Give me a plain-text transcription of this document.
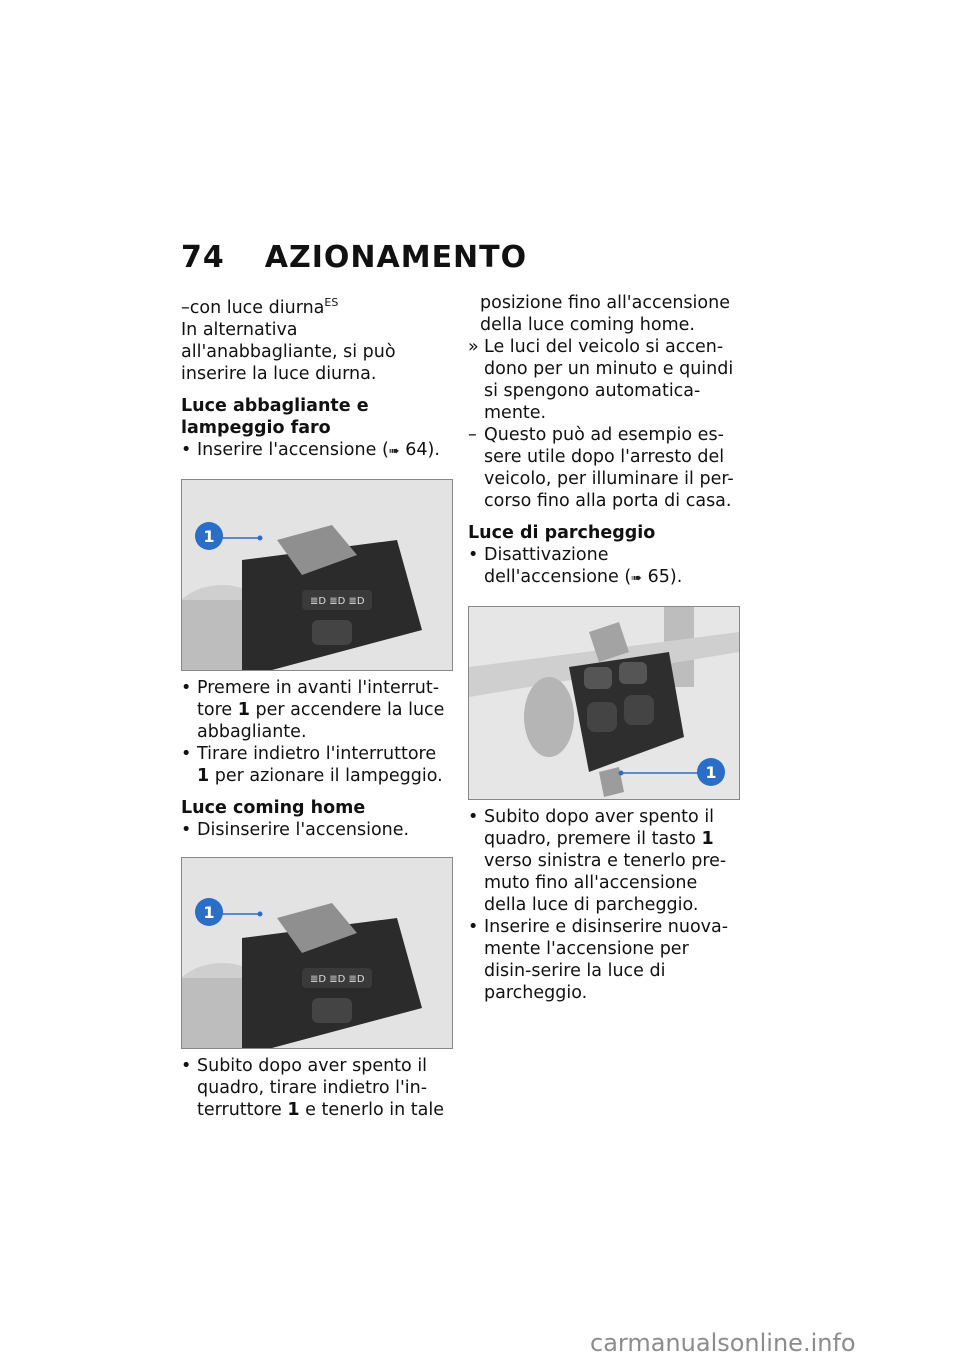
74 AZIONAMENTO

–con luce diurna$^{ES}$

In alternativa all'anabbagliante, si può inserire la luce diurna.

Luce abbagliante e lampeggio faro

• Inserire l'accensione (➠ 64).

≣D ≣D ≣D
1

• Premere in avanti l'interrut-tore 1 per accendere la luce abbagliante.

• Tirare indietro l'interruttore 1 per azionare il lampeggio.

Luce coming home

• Disinserire l'accensione.

≣D ≣D ≣D
1

• Subito dopo aver spento il quadro, tirare indietro l'in-terruttore 1 e tenerlo in tale

posizione fino all'accensione della luce coming home.

» Le luci del veicolo si accen-dono per un minuto e quindi si spengono automatica-mente.

– Questo può ad esempio es-sere utile dopo l'arresto del veicolo, per illuminare il per-corso fino alla porta di casa.

Luce di parcheggio

• Disattivazione dell'accensione (➠ 65).

1

• Subito dopo aver spento il quadro, premere il tasto 1 verso sinistra e tenerlo pre-muto fino all'accensione della luce di parcheggio.

• Inserire e disinserire nuova-mente l'accensione per disin-serire la luce di parcheggio.

carmanualsonline.info
